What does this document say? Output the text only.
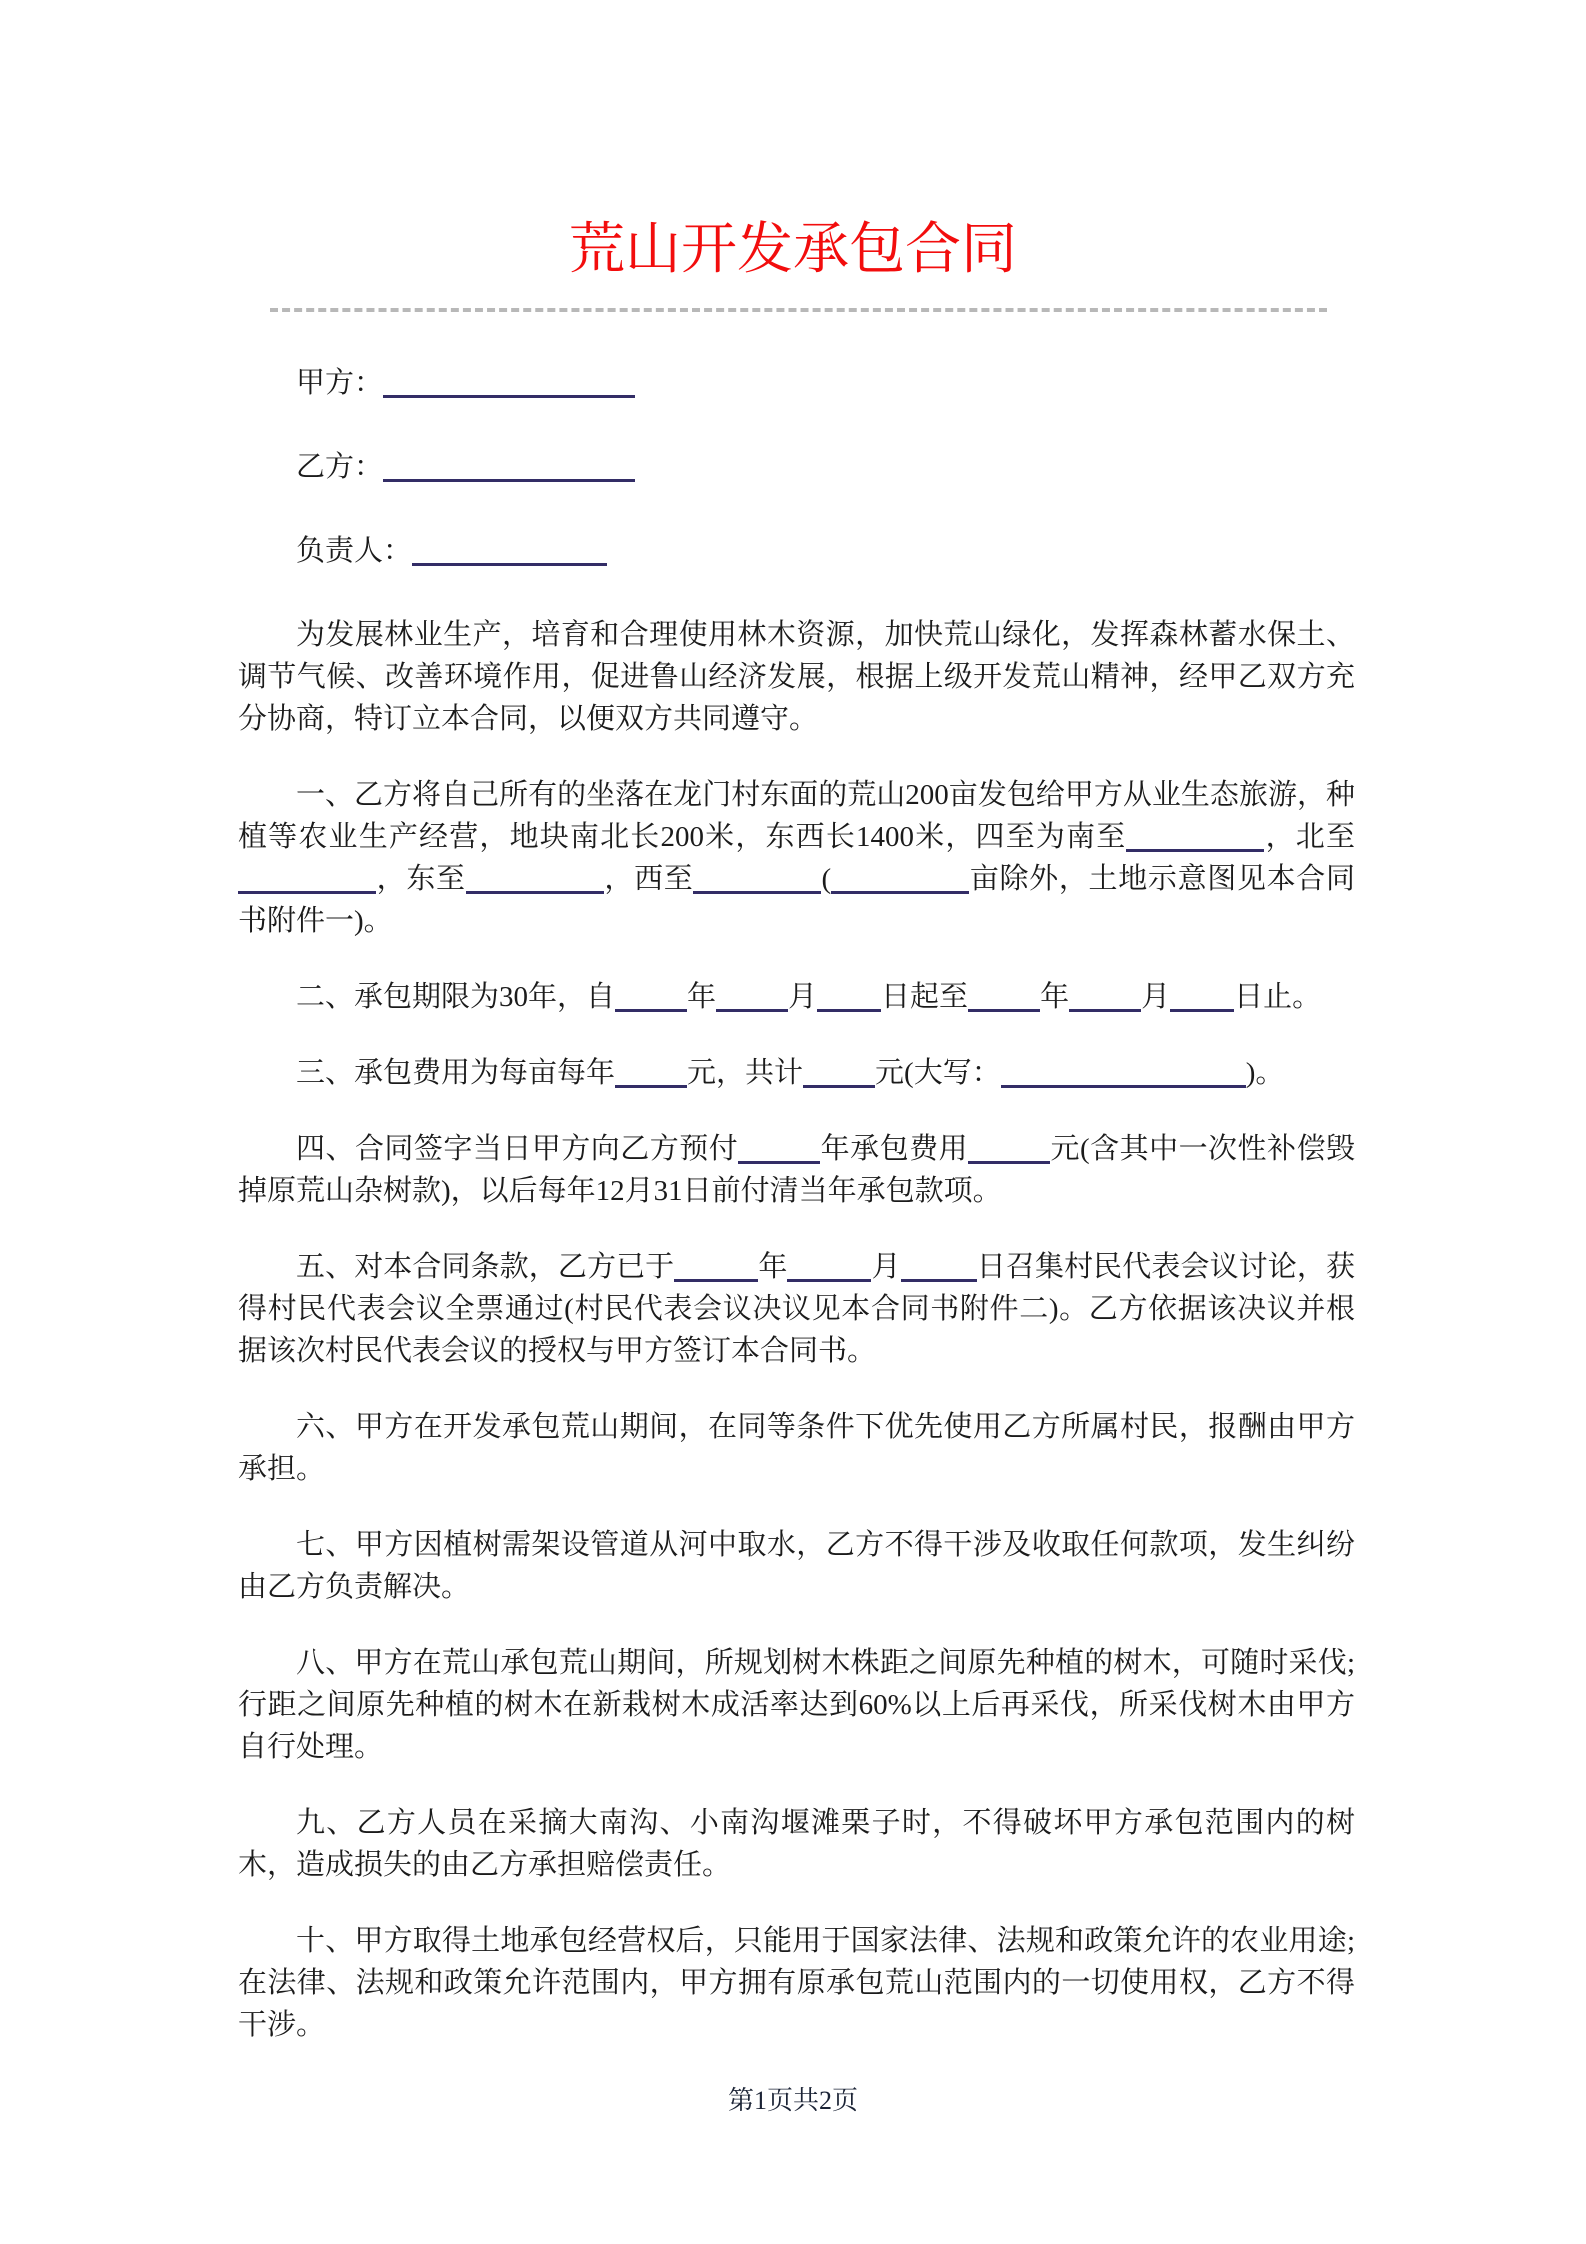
荒山开发承包合同
甲方：
乙方：
负责人：

为发展林业生产，培育和合理使用林木资源，加快荒山绿化，发挥森林蓄水保土、调节气候、改善环境作用，促进鲁山经济发展，根据上级开发荒山精神，经甲乙双方充分协商，特订立本合同，以便双方共同遵守。

一、乙方将自己所有的坐落在龙门村东面的荒山200亩发包给甲方从业生态旅游，种植等农业生产经营，地块南北长200米，东西长1400米，四至为南至	，北至，东至	，西至	(	亩除外，土地示意图见本合同书附件一)。

二、承包期限为30年，自 年 月 日起至 年 月 日止。

三、承包费用为每亩每年 元，共计 元(大写：	)。

四、合同签字当日甲方向乙方预付	年承包费用	元(含其中一次性补偿毁掉原荒山杂树款)，以后每年12月31日前付清当年承包款项。

五、对本合同条款，乙方已于	年	月	日召集村民代表会议讨论，获得村民代表会议全票通过(村民代表会议决议见本合同书附件二)。乙方依据该决议并根据该次村民代表会议的授权与甲方签订本合同书。

六、甲方在开发承包荒山期间，在同等条件下优先使用乙方所属村民，报酬由甲方承担。

七、甲方因植树需架设管道从河中取水，乙方不得干涉及收取任何款项，发生纠纷由乙方负责解决。

八、甲方在荒山承包荒山期间，所规划树木株距之间原先种植的树木，可随时采伐;行距之间原先种植的树木在新栽树木成活率达到60%以上后再采伐，所采伐树木由甲方自行处理。

九、乙方人员在采摘大南沟、小南沟堰滩栗子时，不得破坏甲方承包范围内的树木，造成损失的由乙方承担赔偿责任。

十、甲方取得土地承包经营权后，只能用于国家法律、法规和政策允许的农业用途;在法律、法规和政策允许范围内，甲方拥有原承包荒山范围内的一切使用权，乙方不得干涉。

第1页共2页
